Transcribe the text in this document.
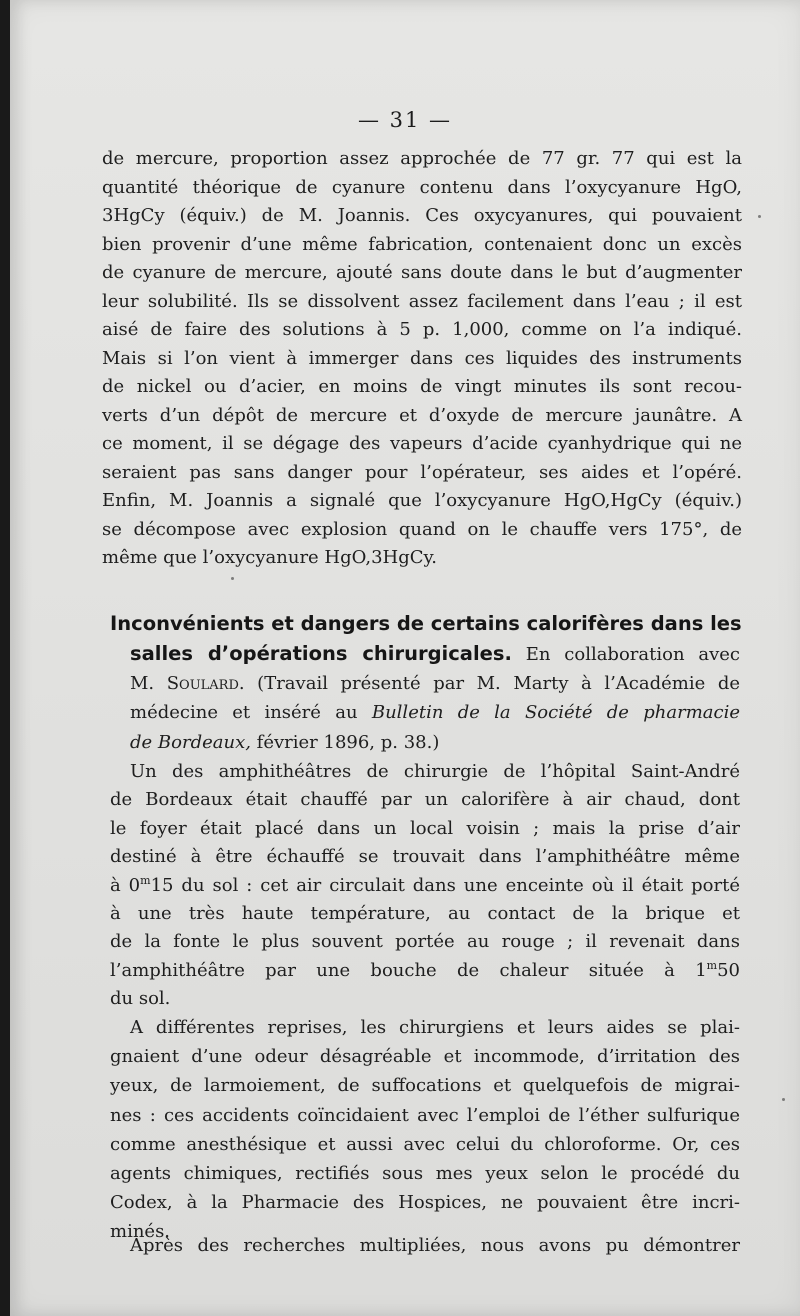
— 31 —
de mercure, proportion assez approchée de 77 gr. 77 qui est la
quantité théorique de cyanure contenu dans l’oxycyanure HgO,
3HgCy (équiv.) de M. Joannis. Ces oxycyanures, qui pouvaient
bien provenir d’une même fabrication, contenaient donc un excès
de cyanure de mercure, ajouté sans doute dans le but d’augmenter
leur solubilité. Ils se dissolvent assez facilement dans l’eau ; il est
aisé de faire des solutions à 5 p. 1,000, comme on l’a indiqué.
Mais si l’on vient à immerger dans ces liquides des instruments
de nickel ou d’acier, en moins de vingt minutes ils sont recou-
verts d’un dépôt de mercure et d’oxyde de mercure jaunâtre. A
ce moment, il se dégage des vapeurs d’acide cyanhydrique qui ne
seraient pas sans danger pour l’opérateur, ses aides et l’opéré.
Enfin, M. Joannis a signalé que l’oxycyanure HgO,HgCy (équiv.)
se décompose avec explosion quand on le chauffe vers 175°, de
même que l’oxycyanure HgO,3HgCy.
Inconvénients et dangers de certains calorifères dans les
salles d’opérations chirurgicales. En collaboration avec
M. Soulard. (Travail présenté par M. Marty à l’Académie de
médecine et inséré au Bulletin de la Société de pharmacie
de Bordeaux, février 1896, p. 38.)
Un des amphithéâtres de chirurgie de l’hôpital Saint-André
de Bordeaux était chauffé par un calorifère à air chaud, dont
le foyer était placé dans un local voisin ; mais la prise d’air
destiné à être échauffé se trouvait dans l’amphithéâtre même
à 0$^m$15 du sol : cet air circulait dans une enceinte où il était porté
à une très haute température, au contact de la brique et
de la fonte le plus souvent portée au rouge ; il revenait dans
l’amphithéâtre par une bouche de chaleur située à 1$^m$50
du sol.
A différentes reprises, les chirurgiens et leurs aides se plai-
gnaient d’une odeur désagréable et incommode, d’irritation des
yeux, de larmoiement, de suffocations et quelquefois de migrai-
nes : ces accidents coïncidaient avec l’emploi de l’éther sulfurique
comme anesthésique et aussi avec celui du chloroforme. Or, ces
agents chimiques, rectifiés sous mes yeux selon le procédé du
Codex, à la Pharmacie des Hospices, ne pouvaient être incri-
minés.
Après des recherches multipliées, nous avons pu démontrer
